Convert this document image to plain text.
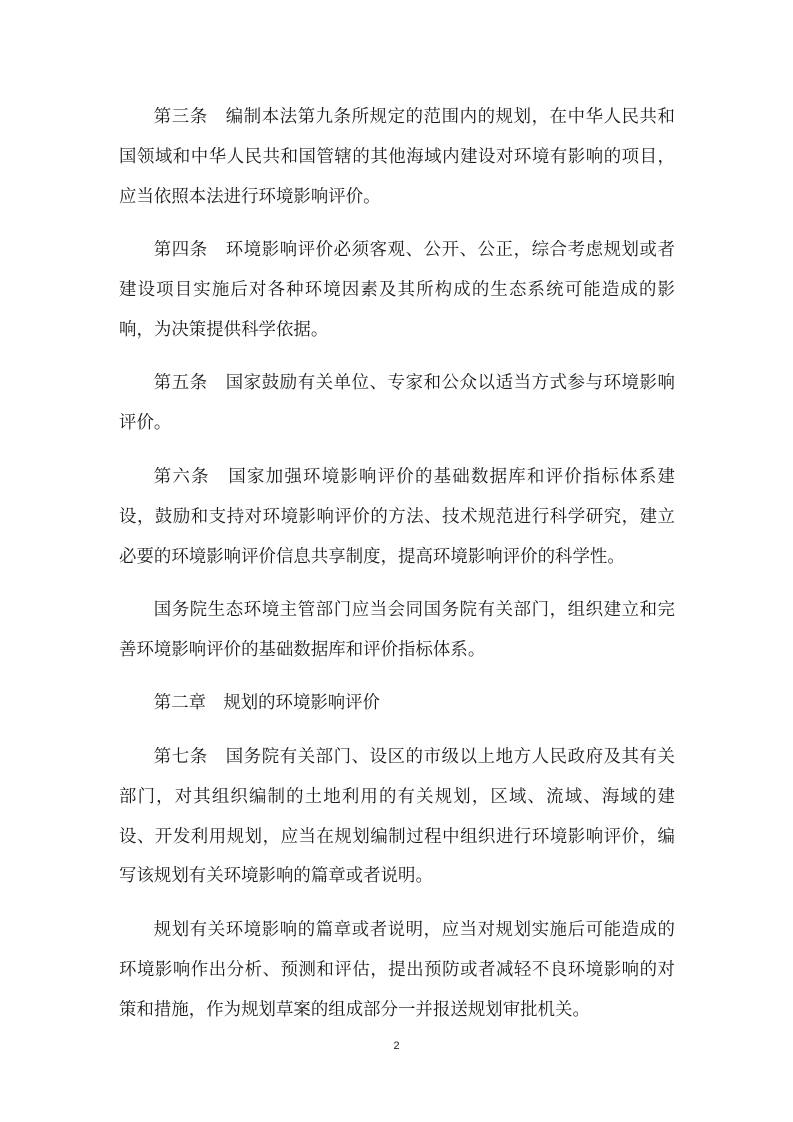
第三条 编制本法第九条所规定的范围内的规划，在中华人民共和国领域和中华人民共和国管辖的其他海域内建设对环境有影响的项目，应当依照本法进行环境影响评价。

第四条 环境影响评价必须客观、公开、公正，综合考虑规划或者建设项目实施后对各种环境因素及其所构成的生态系统可能造成的影响，为决策提供科学依据。

第五条 国家鼓励有关单位、专家和公众以适当方式参与环境影响评价。

第六条 国家加强环境影响评价的基础数据库和评价指标体系建设，鼓励和支持对环境影响评价的方法、技术规范进行科学研究，建立必要的环境影响评价信息共享制度，提高环境影响评价的科学性。

国务院生态环境主管部门应当会同国务院有关部门，组织建立和完善环境影响评价的基础数据库和评价指标体系。

第二章 规划的环境影响评价

第七条 国务院有关部门、设区的市级以上地方人民政府及其有关部门，对其组织编制的土地利用的有关规划，区域、流域、海域的建设、开发利用规划，应当在规划编制过程中组织进行环境影响评价，编写该规划有关环境影响的篇章或者说明。

规划有关环境影响的篇章或者说明，应当对规划实施后可能造成的环境影响作出分析、预测和评估，提出预防或者减轻不良环境影响的对策和措施，作为规划草案的组成部分一并报送规划审批机关。

2
